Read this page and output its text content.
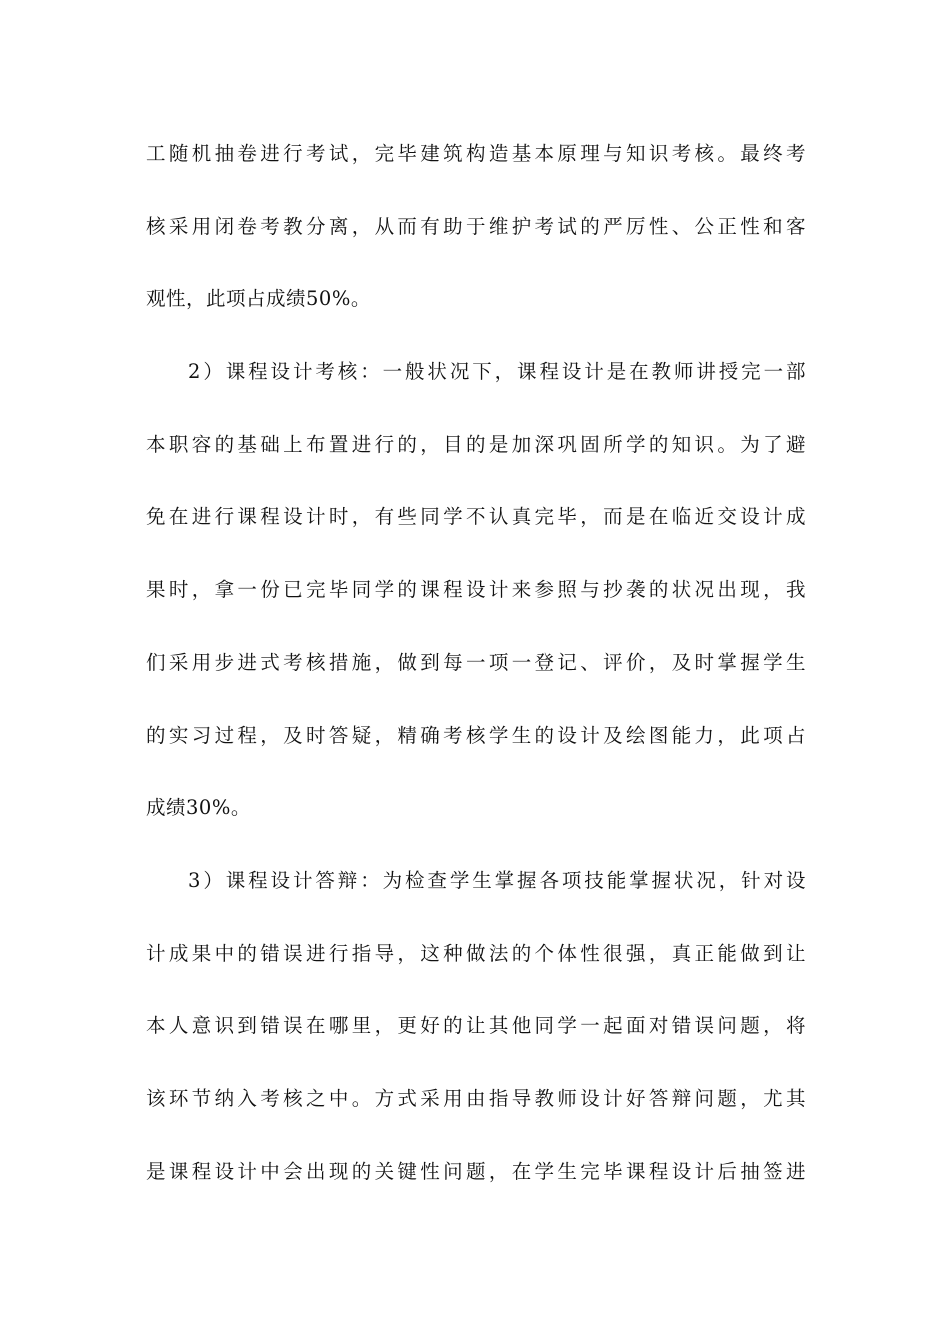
工随机抽卷进行考试，完毕建筑构造基本原理与知识考核。最终考
核采用闭卷考教分离，从而有助于维护考试的严厉性、公正性和客
观性，此项占成绩50%。
2）课程设计考核：一般状况下，课程设计是在教师讲授完一部
本职容的基础上布置进行的，目的是加深巩固所学的知识。为了避
免在进行课程设计时，有些同学不认真完毕，而是在临近交设计成
果时，拿一份已完毕同学的课程设计来参照与抄袭的状况出现，我
们采用步进式考核措施，做到每一项一登记、评价，及时掌握学生
的实习过程，及时答疑，精确考核学生的设计及绘图能力，此项占
成绩30%。
3）课程设计答辩：为检查学生掌握各项技能掌握状况，针对设
计成果中的错误进行指导，这种做法的个体性很强，真正能做到让
本人意识到错误在哪里，更好的让其他同学一起面对错误问题，将
该环节纳入考核之中。方式采用由指导教师设计好答辩问题，尤其
是课程设计中会出现的关键性问题，在学生完毕课程设计后抽签进
